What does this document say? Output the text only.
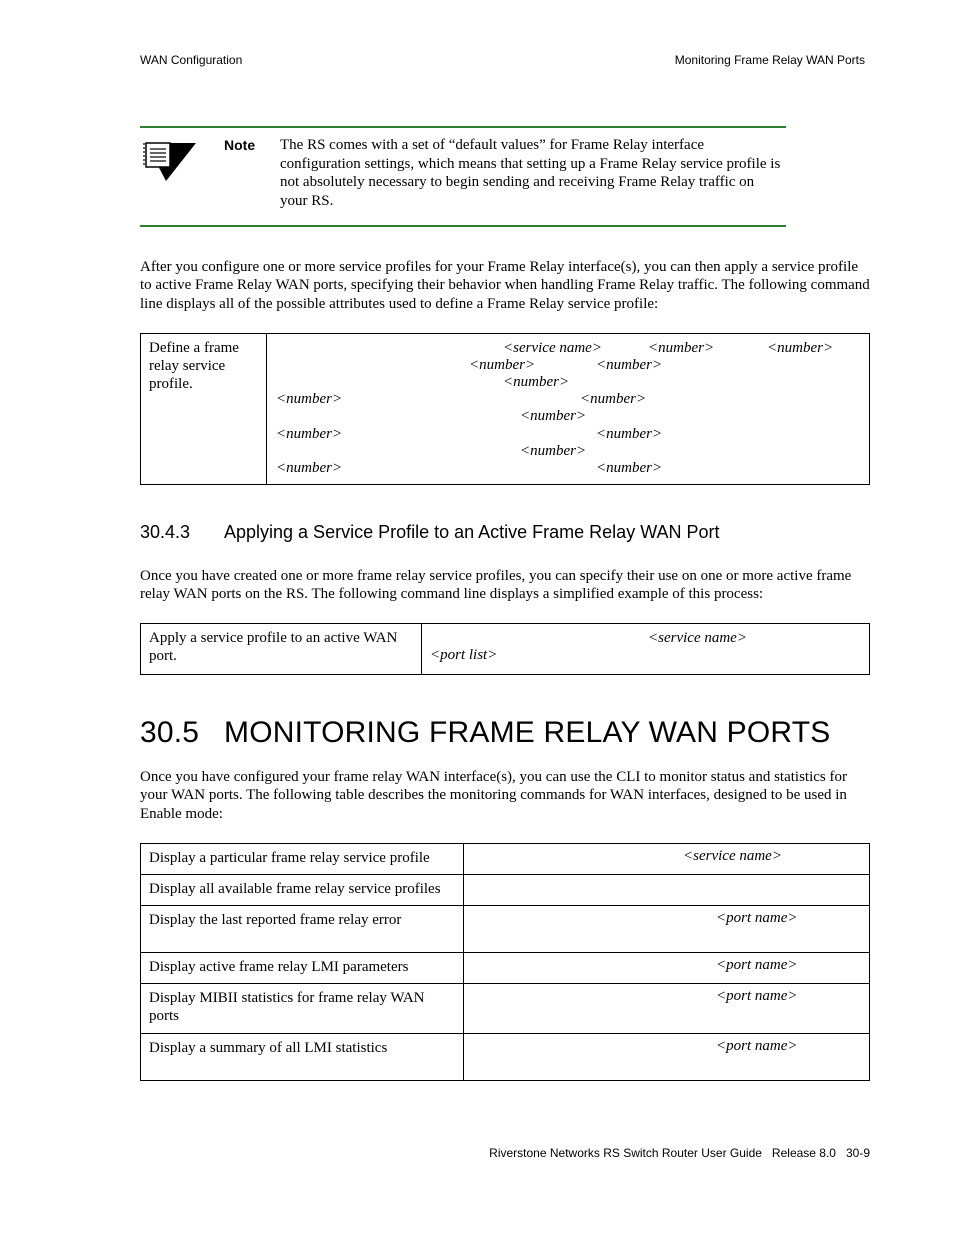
WAN Configuration	Monitoring Frame Relay WAN Ports
Note The RS comes with a set of “default values” for Frame Relay interface configuration settings, which means that setting up a Frame Relay service profile is not absolutely necessary to begin sending and receiving Frame Relay traffic on your RS.
After you configure one or more service profiles for your Frame Relay interface(s), you can then apply a service profile to active Frame Relay WAN ports, specifying their behavior when handling Frame Relay traffic. The following command line displays all of the possible attributes used to define a Frame Relay service profile:
Define a frame relay service profile.	
<service name>	<number>	<number>
<number>	<number>
<number>
<number>	<number>
<number>
<number>	<number>
<number>
<number>	<number>
30.4.3 Applying a Service Profile to an Active Frame Relay WAN Port
Once you have created one or more frame relay service profiles, you can specify their use on one or more active frame relay WAN ports on the RS. The following command line displays a simplified example of this process:
Apply a service profile to an active WAN port.	
<service name>
<port list>
30.5 MONITORING FRAME RELAY WAN PORTS
Once you have configured your frame relay WAN interface(s), you can use the CLI to monitor status and statistics for your WAN ports. The following table describes the monitoring commands for WAN interfaces, designed to be used in Enable mode:
Display a particular frame relay service profile	<service name>

Display all available frame relay service profiles	

Display the last reported frame relay error	<port name>

Display active frame relay LMI parameters	<port name>

Display MIBII statistics for frame relay WAN ports	<port name>

Display a summary of all LMI statistics	<port name>
Riverstone Networks RS Switch Router User Guide   Release 8.0   30-9
